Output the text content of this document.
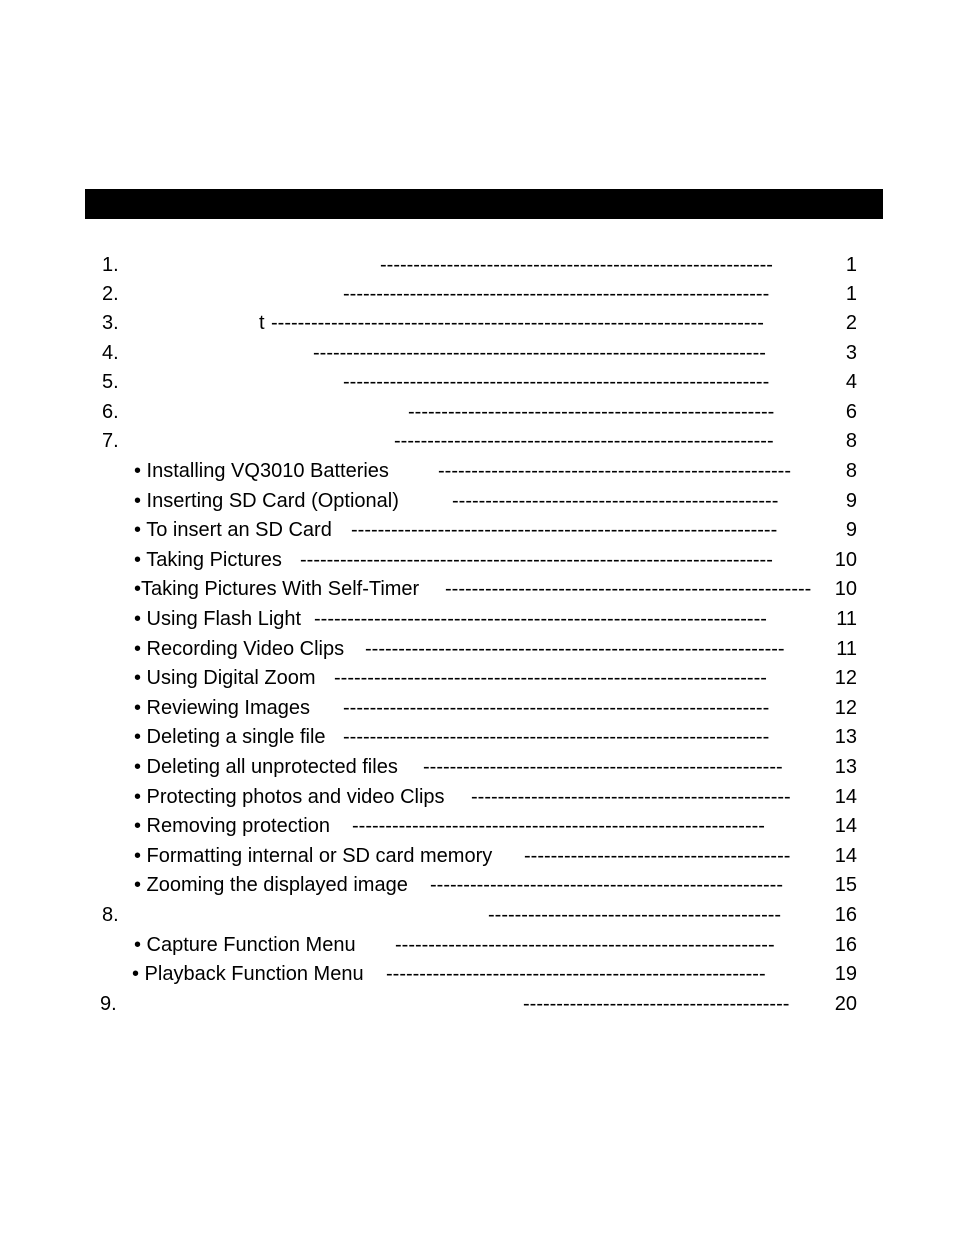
1.	-----------------------------------------------------------	1
2.	----------------------------------------------------------------	1
3.	t --------------------------------------------------------------------------	2
4.	--------------------------------------------------------------------	3
5.	----------------------------------------------------------------	4
6.	-------------------------------------------------------	6
7.	---------------------------------------------------------	8
• Installing VQ3010 Batteries -----------------------------------------------------	8
• Inserting SD Card (Optional)	-------------------------------------------------	9
• To insert an SD Card ----------------------------------------------------------------	9
• Taking Pictures -----------------------------------------------------------------------	10
•Taking Pictures With Self-Timer ------------------------------------------------------- 10
• Using Flash Light --------------------------------------------------------------------	11
• Recording Video Clips ---------------------------------------------------------------	11
• Using Digital Zoom -----------------------------------------------------------------	12
• Reviewing Images ----------------------------------------------------------------	12
• Deleting a single file ----------------------------------------------------------------	13
• Deleting all unprotected files ------------------------------------------------------	13
• Protecting photos and video Clips ------------------------------------------------	14
• Removing protection --------------------------------------------------------------	14
• Formatting internal or SD card memory ----------------------------------------	14
• Zooming the displayed image -----------------------------------------------------	15
8.	--------------------------------------------	16
• Capture Function Menu ---------------------------------------------------------	16
• Playback Function Menu ---------------------------------------------------------	19
9.	----------------------------------------	20
